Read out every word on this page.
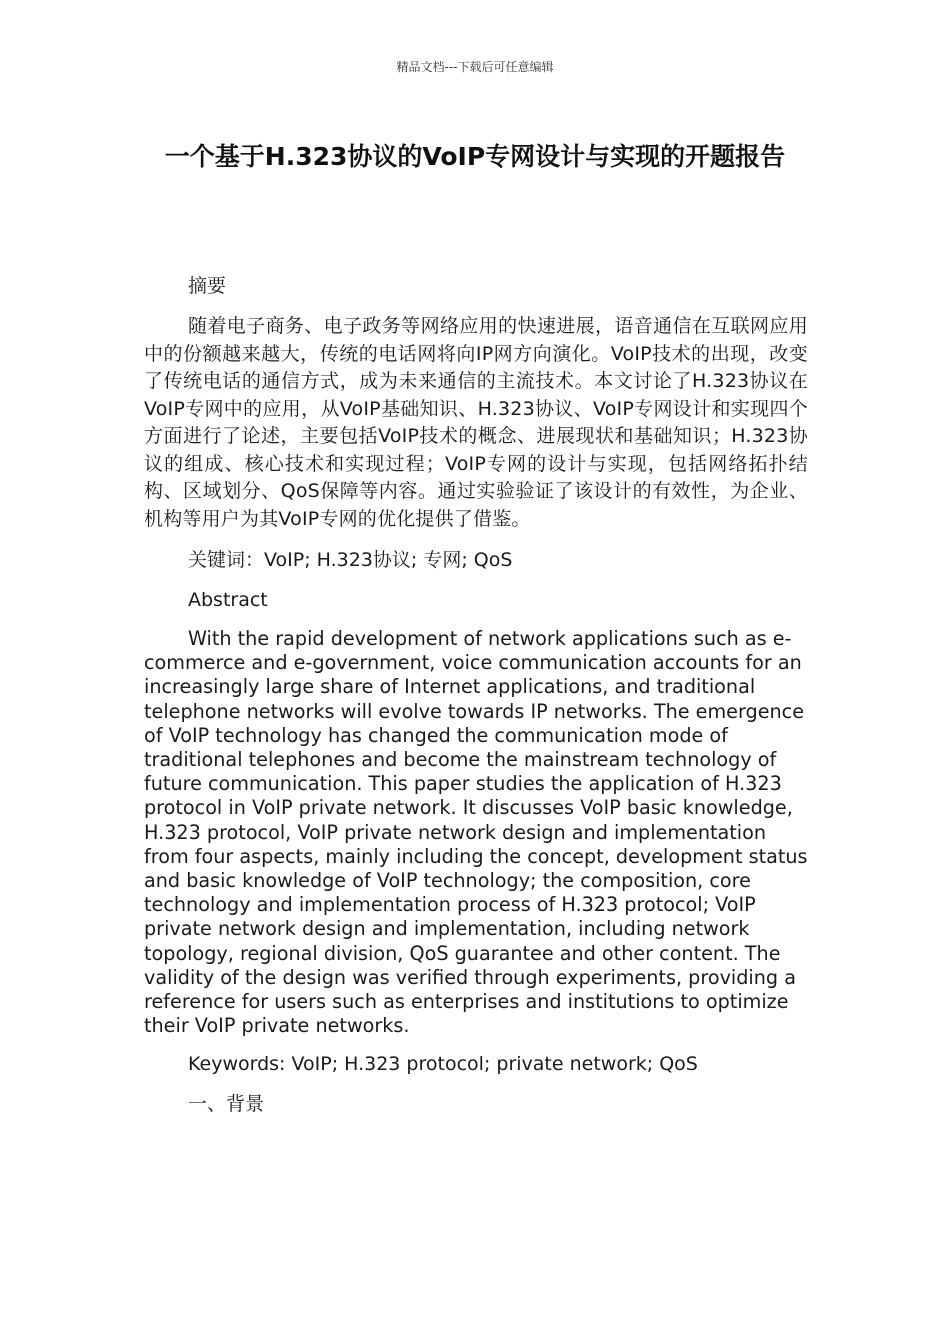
精品文档---下载后可任意编辑
一个基于H.323协议的VoIP专网设计与实现的开题报告

摘要

随着电子商务、电子政务等网络应用的快速进展，语音通信在互联网应用中的份额越来越大，传统的电话网将向IP网方向演化。VoIP技术的出现，改变了传统电话的通信方式，成为未来通信的主流技术。本文讨论了H.323协议在VoIP专网中的应用，从VoIP基础知识、H.323协议、VoIP专网设计和实现四个方面进行了论述，主要包括VoIP技术的概念、进展现状和基础知识；H.323协议的组成、核心技术和实现过程；VoIP专网的设计与实现，包括网络拓扑结构、区域划分、QoS保障等内容。通过实验验证了该设计的有效性，为企业、机构等用户为其VoIP专网的优化提供了借鉴。

关键词：VoIP; H.323协议; 专网; QoS

Abstract

With the rapid development of network applications such as e-commerce and e-government, voice communication accounts for an increasingly large share of Internet applications, and traditional telephone networks will evolve towards IP networks. The emergence of VoIP technology has changed the communication mode of traditional telephones and become the mainstream technology of future communication. This paper studies the application of H.323 protocol in VoIP private network. It discusses VoIP basic knowledge, H.323 protocol, VoIP private network design and implementation from four aspects, mainly including the concept, development status and basic knowledge of VoIP technology; the composition, core technology and implementation process of H.323 protocol; VoIP private network design and implementation, including network topology, regional division, QoS guarantee and other content. The validity of the design was verified through experiments, providing a reference for users such as enterprises and institutions to optimize their VoIP private networks.

Keywords: VoIP; H.323 protocol; private network; QoS

一、背景
